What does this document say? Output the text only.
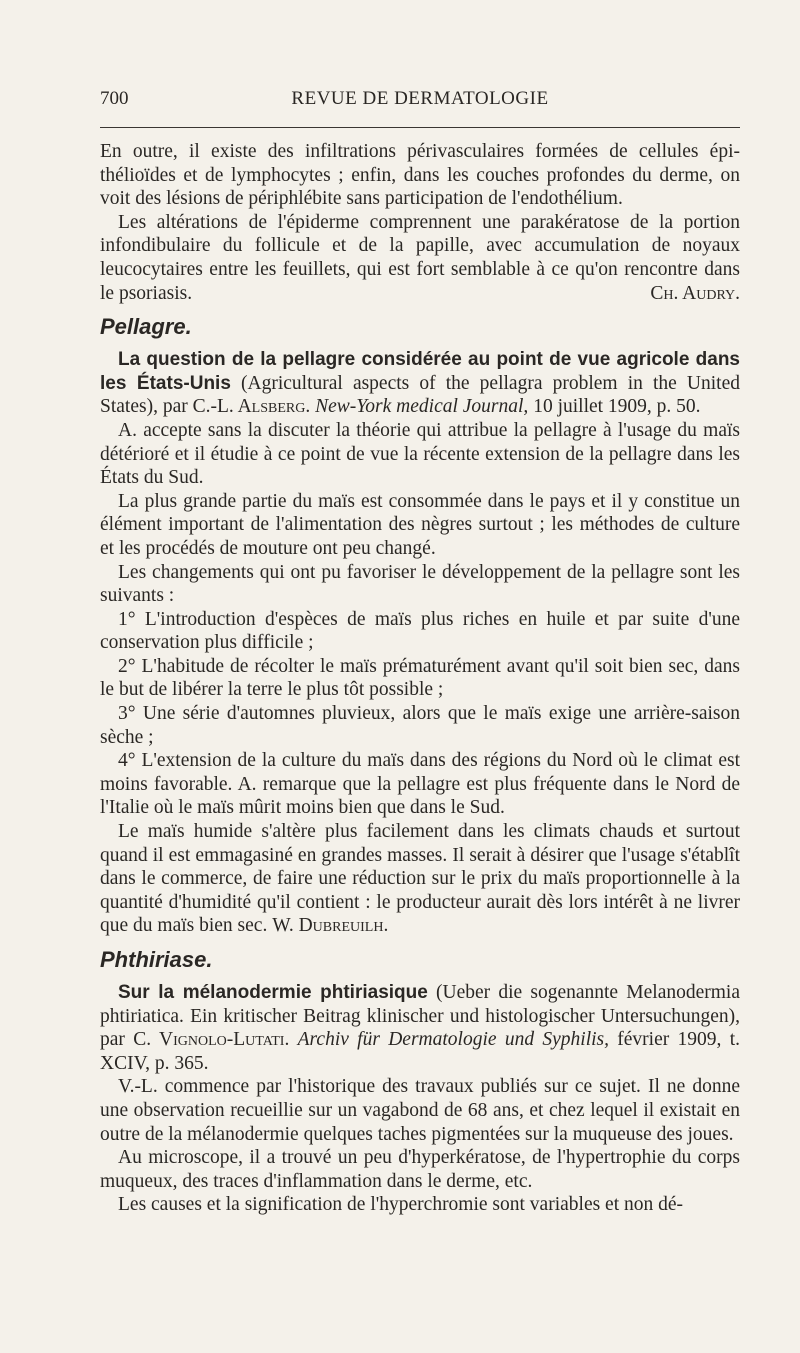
700	REVUE DE DERMATOLOGIE

En outre, il existe des infiltrations périvasculaires formées de cellules épithélioïdes et de lymphocytes ; enfin, dans les couches profondes du derme, on voit des lésions de périphlébite sans participation de l'endothélium.

Les altérations de l'épiderme comprennent une parakératose de la portion infondibulaire du follicule et de la papille, avec accumulation de noyaux leucocytaires entre les feuillets, qui est fort semblable à ce qu'on rencontre dans le psoriasis.	Ch. Audry.

Pellagre.

La question de la pellagre considérée au point de vue agricole dans les États-Unis (Agricultural aspects of the pellagra problem in the United States), par C.-L. Alsberg. New-York medical Journal, 10 juillet 1909, p. 50.

A. accepte sans la discuter la théorie qui attribue la pellagre à l'usage du maïs détérioré et il étudie à ce point de vue la récente extension de la pellagre dans les États du Sud.

La plus grande partie du maïs est consommée dans le pays et il y constitue un élément important de l'alimentation des nègres surtout ; les méthodes de culture et les procédés de mouture ont peu changé.

Les changements qui ont pu favoriser le développement de la pellagre sont les suivants :

1° L'introduction d'espèces de maïs plus riches en huile et par suite d'une conservation plus difficile ;

2° L'habitude de récolter le maïs prématurément avant qu'il soit bien sec, dans le but de libérer la terre le plus tôt possible ;

3° Une série d'automnes pluvieux, alors que le maïs exige une arrière-saison sèche ;

4° L'extension de la culture du maïs dans des régions du Nord où le climat est moins favorable. A. remarque que la pellagre est plus fréquente dans le Nord de l'Italie où le maïs mûrit moins bien que dans le Sud.

Le maïs humide s'altère plus facilement dans les climats chauds et surtout quand il est emmagasiné en grandes masses. Il serait à désirer que l'usage s'établît dans le commerce, de faire une réduction sur le prix du maïs proportionnelle à la quantité d'humidité qu'il contient : le producteur aurait dès lors intérêt à ne livrer que du maïs bien sec. W. Dubreuilh.

Phthiriase.

Sur la mélanodermie phtiriasique (Ueber die sogenannte Melanodermia phtiriatica. Ein kritischer Beitrag klinischer und histologischer Untersuchungen), par C. Vignolo-Lutati. Archiv für Dermatologie und Syphilis, février 1909, t. XCIV, p. 365.

V.-L. commence par l'historique des travaux publiés sur ce sujet. Il ne donne une observation recueillie sur un vagabond de 68 ans, et chez lequel il existait en outre de la mélanodermie quelques taches pigmentées sur la muqueuse des joues.

Au microscope, il a trouvé un peu d'hyperkératose, de l'hypertrophie du corps muqueux, des traces d'inflammation dans le derme, etc.

Les causes et la signification de l'hyperchromie sont variables et non dé-
